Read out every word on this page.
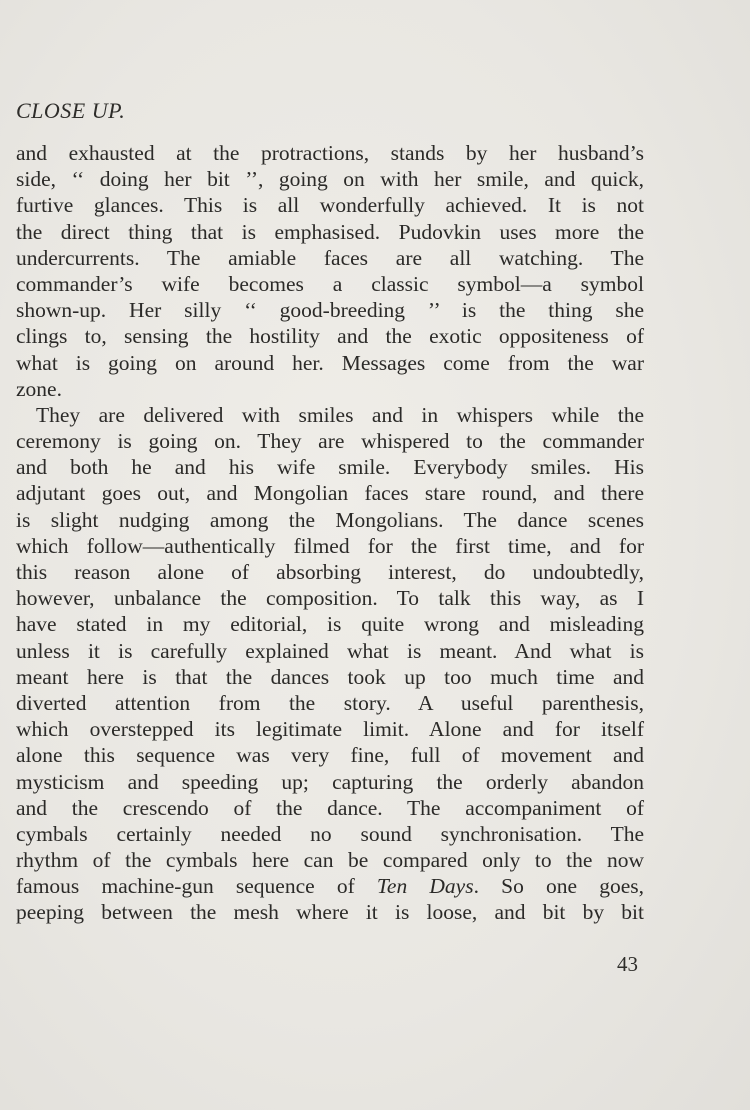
CLOSE UP.
and exhausted at the protractions, stands by her husband’s
side, ‘‘ doing her bit ’’, going on with her smile, and quick,
furtive glances. This is all wonderfully achieved. It is not
the direct thing that is emphasised. Pudovkin uses more the
undercurrents. The amiable faces are all watching. The
commander’s wife becomes a classic symbol—a symbol
shown-up. Her silly ‘‘ good-breeding ’’ is the thing she
clings to, sensing the hostility and the exotic oppositeness of
what is going on around her. Messages come from the war
zone.
They are delivered with smiles and in whispers while the
ceremony is going on. They are whispered to the commander
and both he and his wife smile. Everybody smiles. His
adjutant goes out, and Mongolian faces stare round, and there
is slight nudging among the Mongolians. The dance scenes
which follow—authentically filmed for the first time, and for
this reason alone of absorbing interest, do undoubtedly,
however, unbalance the composition. To talk this way, as I
have stated in my editorial, is quite wrong and misleading
unless it is carefully explained what is meant. And what is
meant here is that the dances took up too much time and
diverted attention from the story. A useful parenthesis,
which overstepped its legitimate limit. Alone and for itself
alone this sequence was very fine, full of movement and
mysticism and speeding up; capturing the orderly abandon
and the crescendo of the dance. The accompaniment of
cymbals certainly needed no sound synchronisation. The
rhythm of the cymbals here can be compared only to the now
famous machine-gun sequence of Ten Days. So one goes,
peeping between the mesh where it is loose, and bit by bit
43
